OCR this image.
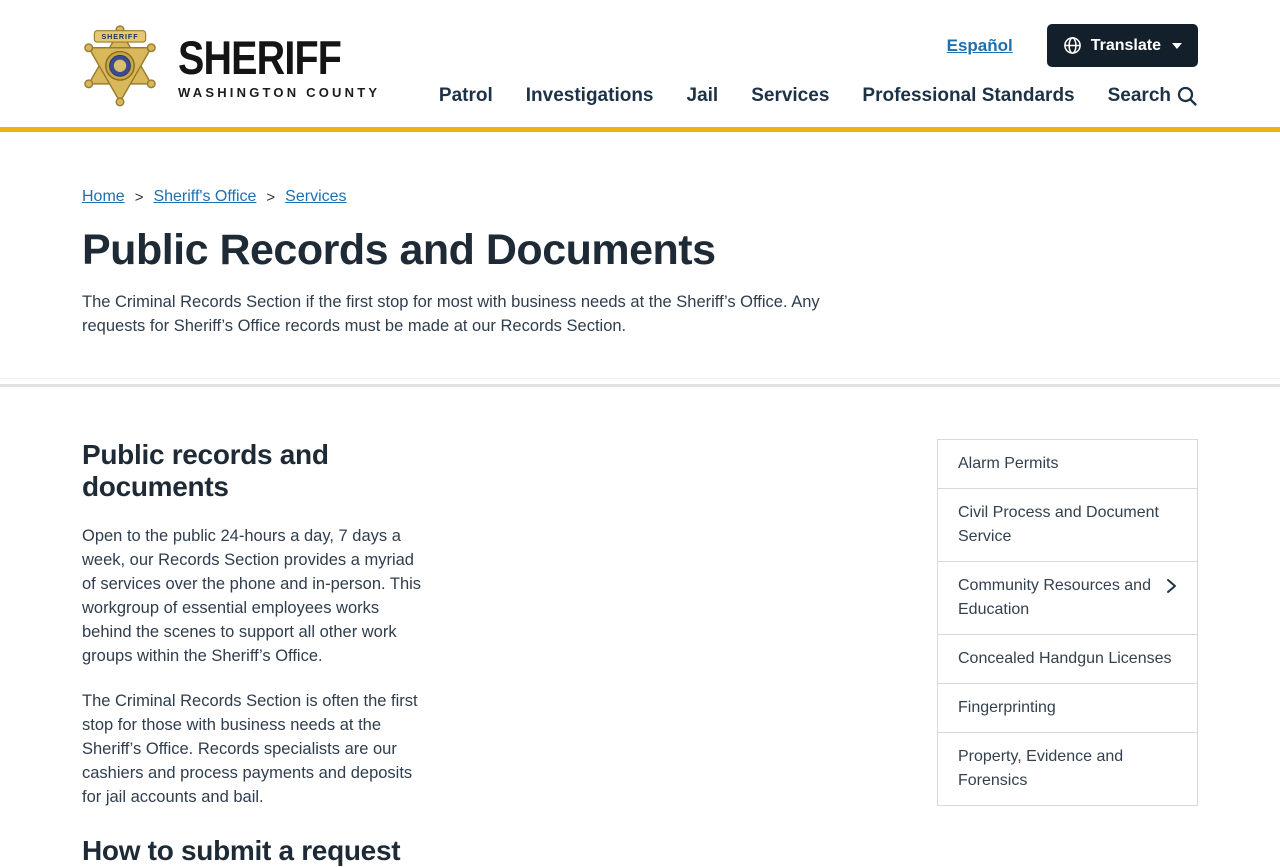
SHERIFF SHERIFF
WASHINGTON COUNTY
Español	Translate
Patrol Investigations Jail Services Professional Standards Search
Home > Sheriff's Office > Services
Public Records and Documents

The Criminal Records Section if the first stop for most with business needs at the Sheriff’s Office. Any requests for Sheriff’s Office records must be made at our Records Section.

Public records and documents

Open to the public 24-hours a day, 7 days a week, our Records Section provides a myriad of services over the phone and in-person. This workgroup of essential employees works behind the scenes to support all other work groups within the Sheriff’s Office.

The Criminal Records Section is often the first stop for those with business needs at the Sheriff’s Office. Records specialists are our cashiers and process payments and deposits for jail accounts and bail.

How to submit a request
Alarm Permits
Civil Process and Document Service
Community Resources and Education
Concealed Handgun Licenses
Fingerprinting
Property, Evidence and Forensics
